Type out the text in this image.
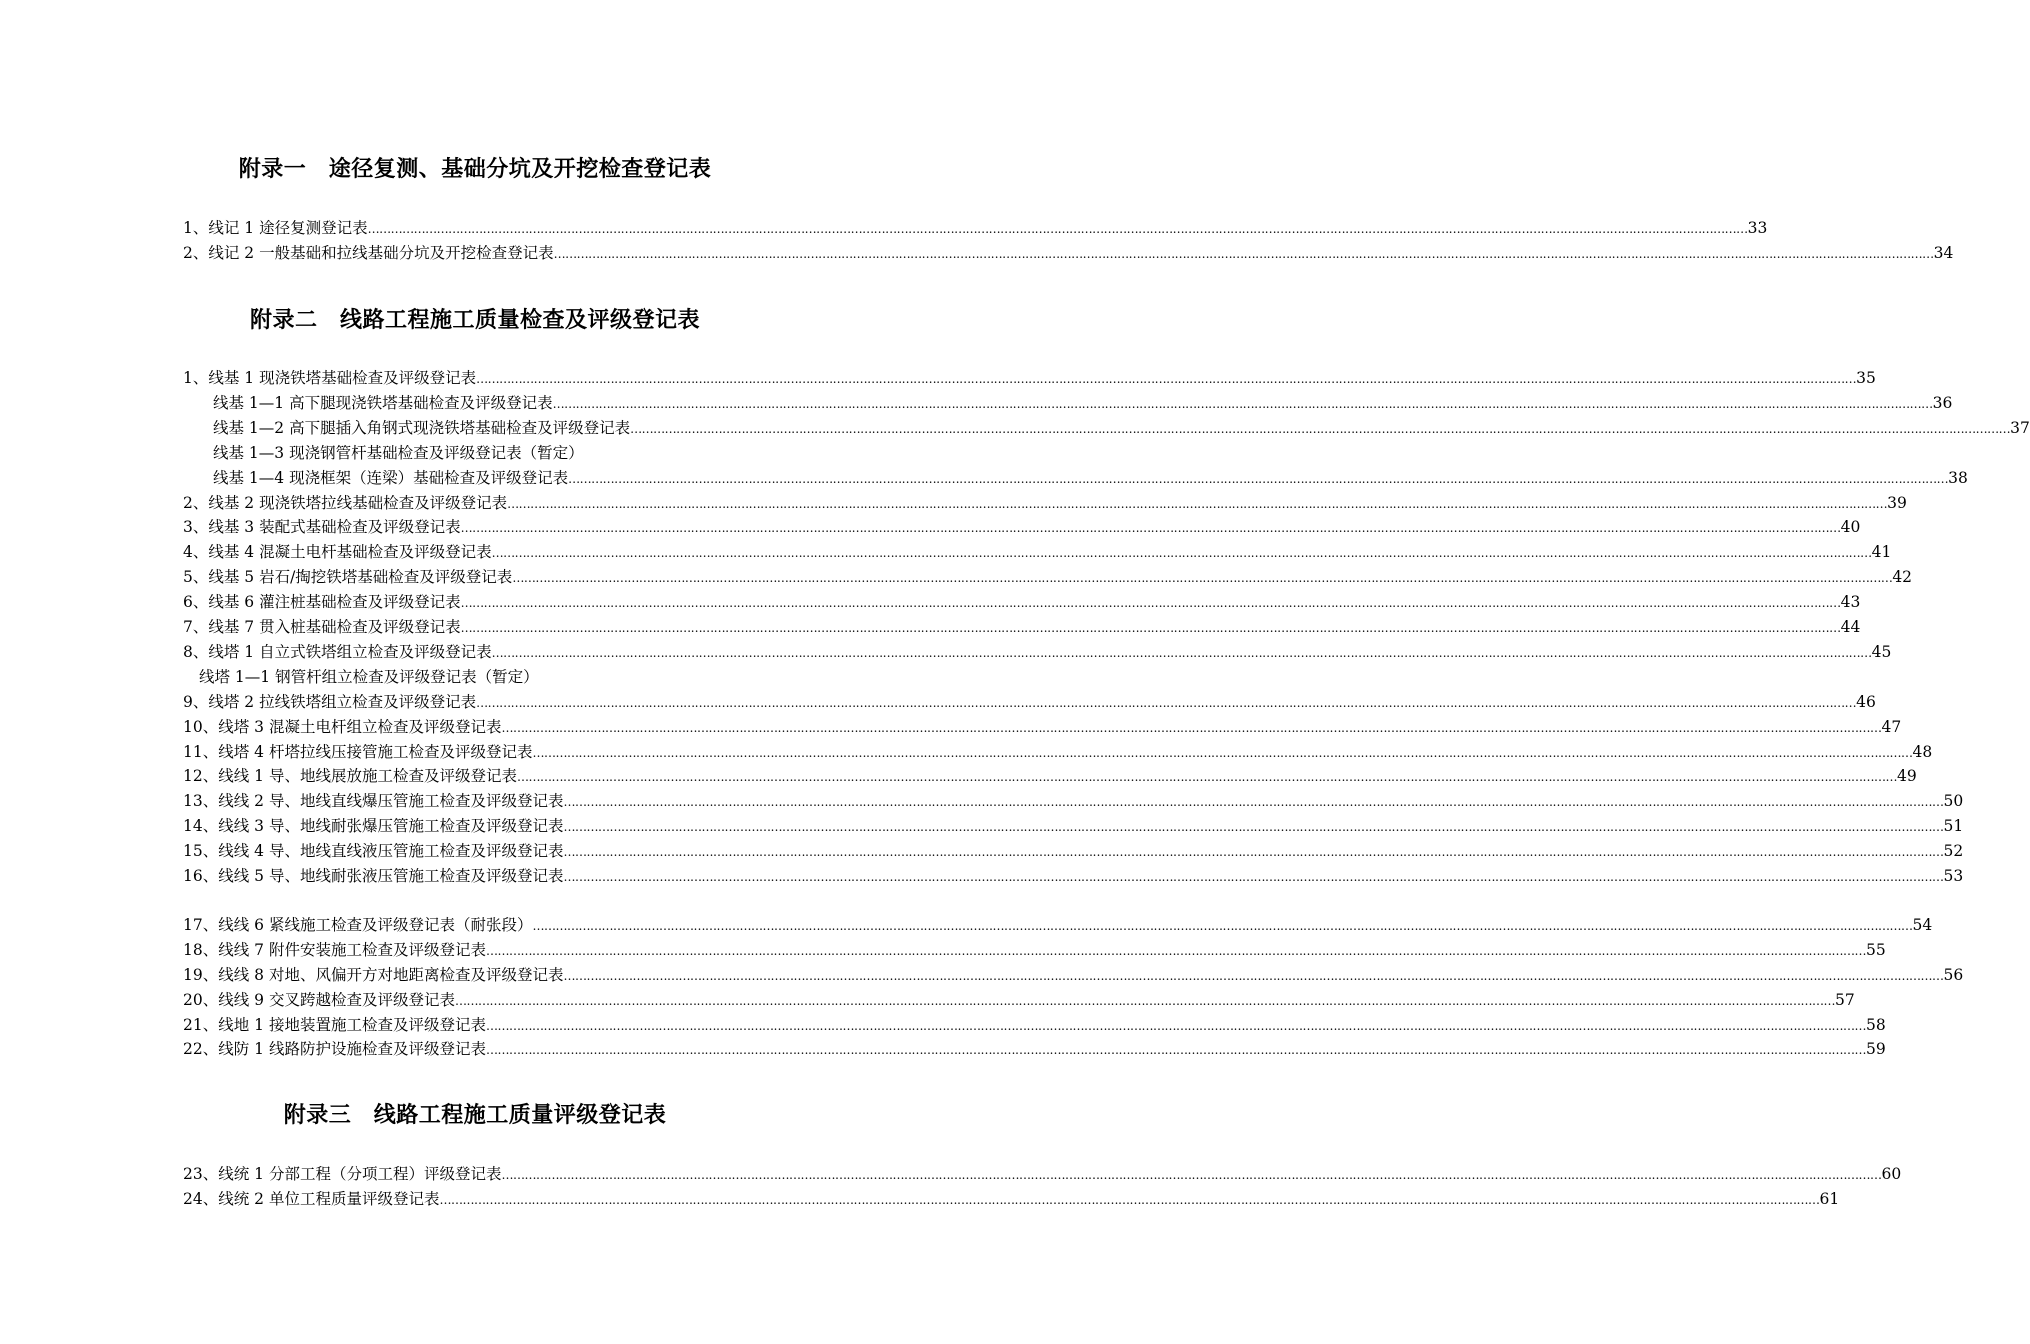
附录一　途径复测、基础分坑及开挖检查登记表
1、线记 1 途径复测登记表 ……………………………………………………………………………………………………………………………………………………………………………………………………………………………………………………………………………………………………………………………… 33
2、线记 2 一般基础和拉线基础分坑及开挖检查登记表 ……………………………………………………………………………………………………………………………………………………………………………………………………………………………………………………………………………………………………………………………… 34
附录二　线路工程施工质量检查及评级登记表
1、线基 1 现浇铁塔基础检查及评级登记表 ……………………………………………………………………………………………………………………………………………………………………………………………………………………………………………………………………………………………………………………………… 35
线基 1—1 高下腿现浇铁塔基础检查及评级登记表 ……………………………………………………………………………………………………………………………………………………………………………………………………………………………………………………………………………………………………………………………… 36
线基 1—2 高下腿插入角钢式现浇铁塔基础检查及评级登记表 ……………………………………………………………………………………………………………………………………………………………………………………………………………………………………………………………………………………………………………………………… 37
线基 1—3 现浇钢管杆基础检查及评级登记表（暂定）
线基 1—4 现浇框架（连梁）基础检查及评级登记表 ……………………………………………………………………………………………………………………………………………………………………………………………………………………………………………………………………………………………………………………………… 38
2、线基 2 现浇铁塔拉线基础检查及评级登记表 ……………………………………………………………………………………………………………………………………………………………………………………………………………………………………………………………………………………………………………………………… 39
3、线基 3 装配式基础检查及评级登记表 ……………………………………………………………………………………………………………………………………………………………………………………………………………………………………………………………………………………………………………………………… 40
4、线基 4 混凝土电杆基础检查及评级登记表 ……………………………………………………………………………………………………………………………………………………………………………………………………………………………………………………………………………………………………………………………… 41
5、线基 5 岩石/掏挖铁塔基础检查及评级登记表 ……………………………………………………………………………………………………………………………………………………………………………………………………………………………………………………………………………………………………………………………… 42
6、线基 6 灌注桩基础检查及评级登记表 ……………………………………………………………………………………………………………………………………………………………………………………………………………………………………………………………………………………………………………………………… 43
7、线基 7 贯入桩基础检查及评级登记表 ……………………………………………………………………………………………………………………………………………………………………………………………………………………………………………………………………………………………………………………………… 44
8、线塔 1 自立式铁塔组立检查及评级登记表 ……………………………………………………………………………………………………………………………………………………………………………………………………………………………………………………………………………………………………………………………… 45
线塔 1—1 钢管杆组立检查及评级登记表（暂定）
9、线塔 2 拉线铁塔组立检查及评级登记表 ……………………………………………………………………………………………………………………………………………………………………………………………………………………………………………………………………………………………………………………………… 46
10、线塔 3 混凝土电杆组立检查及评级登记表 ……………………………………………………………………………………………………………………………………………………………………………………………………………………………………………………………………………………………………………………………… 47
11、线塔 4 杆塔拉线压接管施工检查及评级登记表 ……………………………………………………………………………………………………………………………………………………………………………………………………………………………………………………………………………………………………………………………… 48
12、线线 1 导、地线展放施工检查及评级登记表 ……………………………………………………………………………………………………………………………………………………………………………………………………………………………………………………………………………………………………………………………… 49
13、线线 2 导、地线直线爆压管施工检查及评级登记表 ……………………………………………………………………………………………………………………………………………………………………………………………………………………………………………………………………………………………………………………………… 50
14、线线 3 导、地线耐张爆压管施工检查及评级登记表 ……………………………………………………………………………………………………………………………………………………………………………………………………………………………………………………………………………………………………………………………… 51
15、线线 4 导、地线直线液压管施工检查及评级登记表 ……………………………………………………………………………………………………………………………………………………………………………………………………………………………………………………………………………………………………………………………… 52
16、线线 5 导、地线耐张液压管施工检查及评级登记表 ……………………………………………………………………………………………………………………………………………………………………………………………………………………………………………………………………………………………………………………………… 53
17、线线 6 紧线施工检查及评级登记表（耐张段） ……………………………………………………………………………………………………………………………………………………………………………………………………………………………………………………………………………………………………………………………… 54
18、线线 7 附件安装施工检查及评级登记表 ……………………………………………………………………………………………………………………………………………………………………………………………………………………………………………………………………………………………………………………………… 55
19、线线 8 对地、风偏开方对地距离检查及评级登记表 ……………………………………………………………………………………………………………………………………………………………………………………………………………………………………………………………………………………………………………………………… 56
20、线线 9 交叉跨越检查及评级登记表 ……………………………………………………………………………………………………………………………………………………………………………………………………………………………………………………………………………………………………………………………… 57
21、线地 1 接地装置施工检查及评级登记表 ……………………………………………………………………………………………………………………………………………………………………………………………………………………………………………………………………………………………………………………………… 58
22、线防 1 线路防护设施检查及评级登记表 ……………………………………………………………………………………………………………………………………………………………………………………………………………………………………………………………………………………………………………………………… 59
附录三　线路工程施工质量评级登记表
23、线统 1 分部工程（分项工程）评级登记表 ……………………………………………………………………………………………………………………………………………………………………………………………………………………………………………………………………………………………………………………………… 60
24、线统 2 单位工程质量评级登记表 ……………………………………………………………………………………………………………………………………………………………………………………………………………………………………………………………………………………………………………………………… 61
